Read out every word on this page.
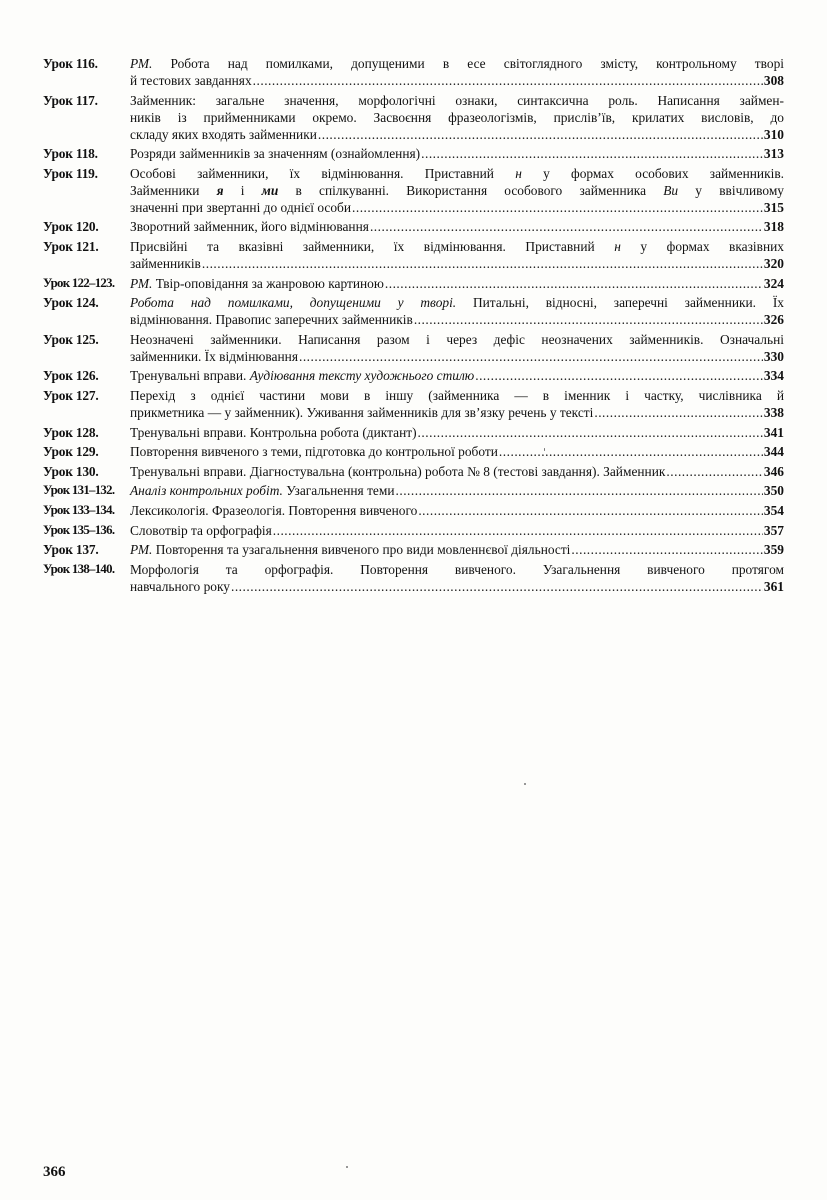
Урок 116.	РМ. Робота над помилками, допущеними в есе світоглядного змісту, контрольному творі
й тестових завданнях .....	308
Урок 117.	Займенник: загальне значення, морфологічні ознаки, синтаксична роль. Написання займен-
ників із прийменниками окремо. Засвоєння фразеологізмів, прислів’їв, крилатих висловів, до
складу яких входять займенники .....	310
Урок 118.	Розряди займенників за значенням (ознайомлення) .....	313
Урок 119.	Особові займенники, їх відмінювання. Приставний н у формах особових займенників.
Займенники я і ми в спілкуванні. Використання особового займенника Ви у ввічливому
значенні при звертанні до однієї особи .....	315
Урок 120.	Зворотний займенник, його відмінювання .....	318
Урок 121.	Присвійні та вказівні займенники, їх відмінювання. Приставний н у формах вказівних
займенників .....	320
Урок 122–123.	РМ. Твір-оповідання за жанровою картиною .....	324
Урок 124.	Робота над помилками, допущеними у творі. Питальні, відносні, заперечні займенники. Їх
відмінювання. Правопис заперечних займенників .....	326
Урок 125.	Неозначені займенники. Написання разом і через дефіс неозначених займенників. Означальні
займенники. Їх відмінювання .....	330
Урок 126.	Тренувальні вправи. Аудіювання тексту художнього стилю .....	334
Урок 127.	Перехід з однієї частини мови в іншу (займенника — в іменник і частку, числівника й
прикметника — у займенник). Уживання займенників для зв’язку речень у тексті .....	338
Урок 128.	Тренувальні вправи. Контрольна робота (диктант) .....	341
Урок 129.	Повторення вивченого з теми, підготовка до контрольної роботи .....	344
Урок 130.	Тренувальні вправи. Діагностувальна (контрольна) робота № 8 (тестові завдання). Займенник .....	346
Урок 131–132.	Аналіз контрольних робіт. Узагальнення теми .....	350
Урок 133–134.	Лексикологія. Фразеологія. Повторення вивченого .....	354
Урок 135–136.	Словотвір та орфографія .....	357
Урок 137.	РМ. Повторення та узагальнення вивченого про види мовленнєвої діяльності .....	359
Урок 138–140.	Морфологія та орфографія. Повторення вивченого. Узагальнення вивченого протягом
навчального року .....	361
366
